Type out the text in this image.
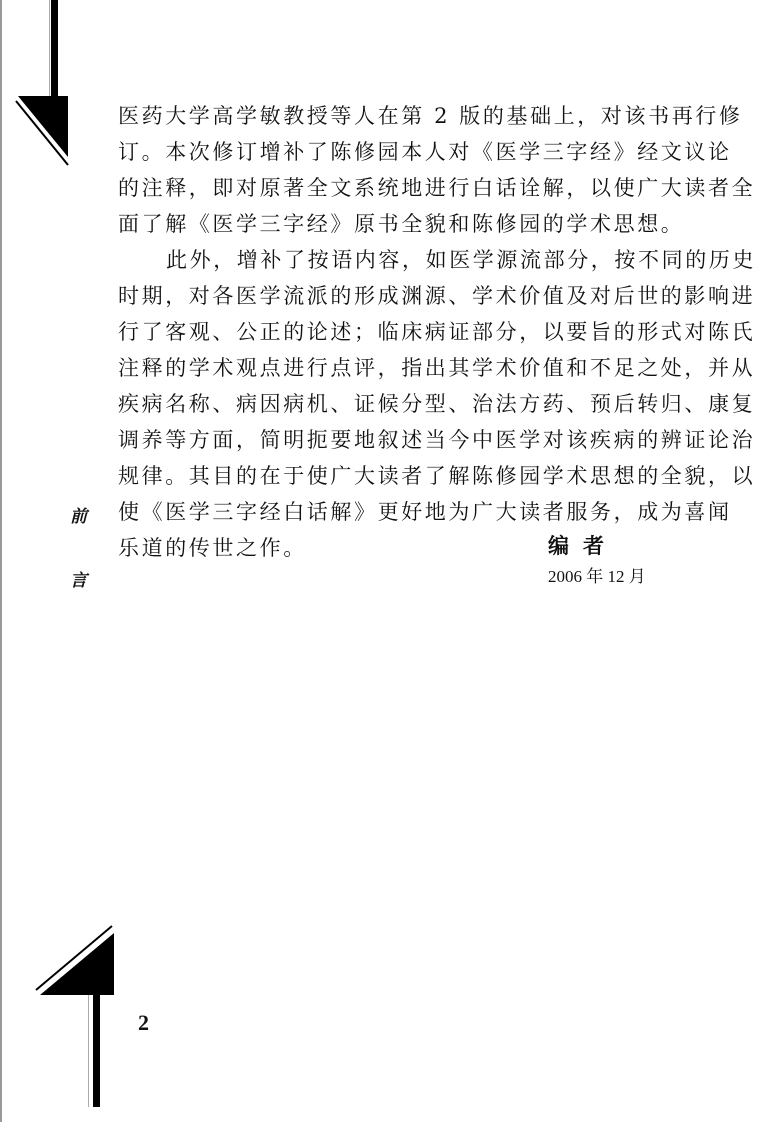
医药大学高学敏教授等人在第 2 版的基础上，对该书再行修
订。本次修订增补了陈修园本人对《医学三字经》经文议论
的注释，即对原著全文系统地进行白话诠解，以使广大读者全
面了解《医学三字经》原书全貌和陈修园的学术思想。
此外，增补了按语内容，如医学源流部分，按不同的历史
时期，对各医学流派的形成渊源、学术价值及对后世的影响进
行了客观、公正的论述；临床病证部分，以要旨的形式对陈氏
注释的学术观点进行点评，指出其学术价值和不足之处，并从
疾病名称、病因病机、证候分型、治法方药、预后转归、康复
调养等方面，简明扼要地叙述当今中医学对该疾病的辨证论治
规律。其目的在于使广大读者了解陈修园学术思想的全貌，以
使《医学三字经白话解》更好地为广大读者服务，成为喜闻
乐道的传世之作。	编者
2006 年 12 月
前
言
2
